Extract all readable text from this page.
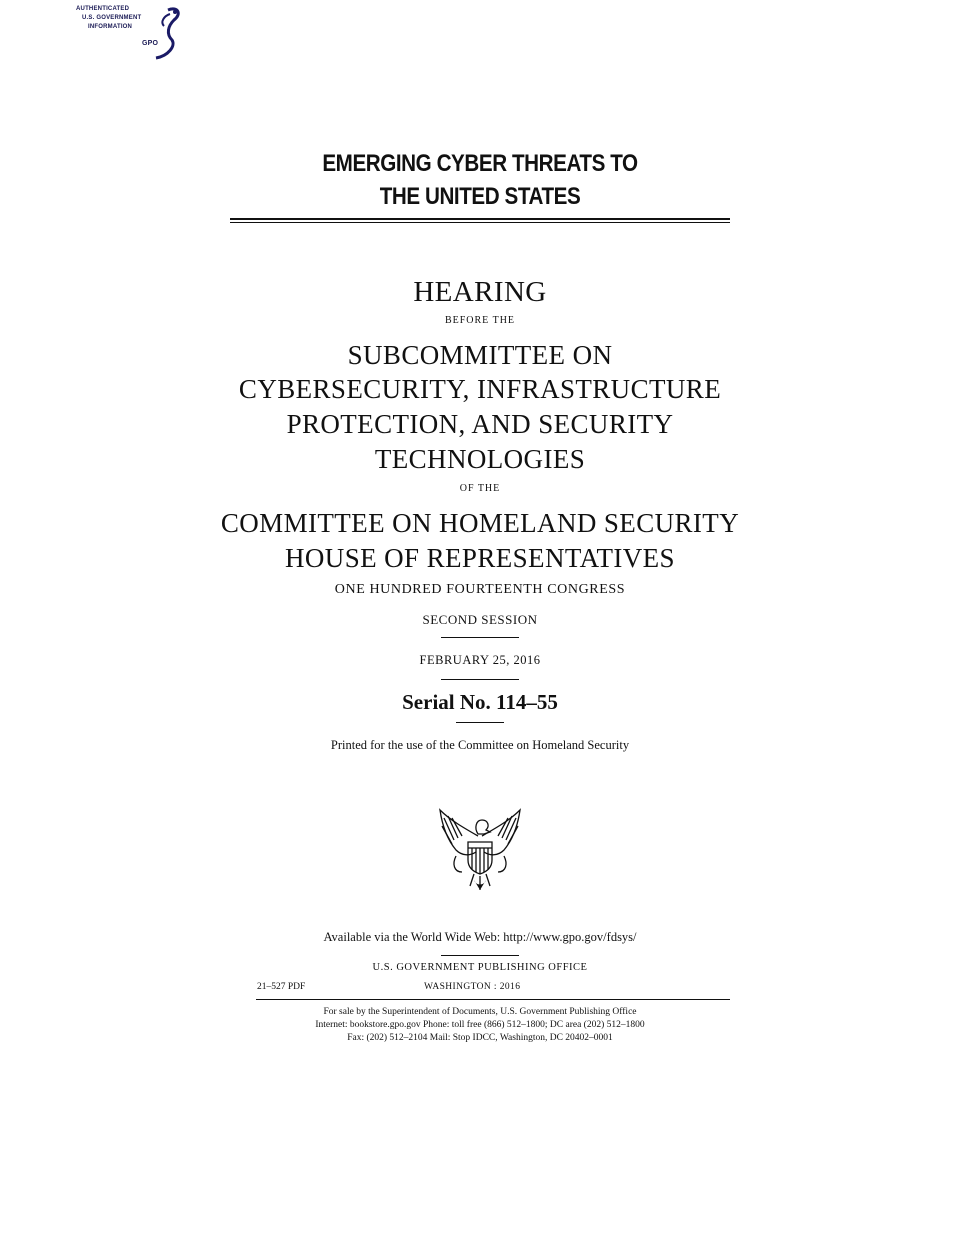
AUTHENTICATED
U.S. GOVERNMENT
INFORMATION
GPO
EMERGING CYBER THREATS TO
THE UNITED STATES
HEARING
BEFORE THE
SUBCOMMITTEE ON
CYBERSECURITY, INFRASTRUCTURE
PROTECTION, AND SECURITY
TECHNOLOGIES
OF THE
COMMITTEE ON HOMELAND SECURITY
HOUSE OF REPRESENTATIVES
ONE HUNDRED FOURTEENTH CONGRESS
SECOND SESSION
FEBRUARY 25, 2016
Serial No. 114–55
Printed for the use of the Committee on Homeland Security
Available via the World Wide Web: http://www.gpo.gov/fdsys/
U.S. GOVERNMENT PUBLISHING OFFICE
21–527 PDF	WASHINGTON : 2016
For sale by the Superintendent of Documents, U.S. Government Publishing Office
Internet: bookstore.gpo.gov Phone: toll free (866) 512–1800; DC area (202) 512–1800
Fax: (202) 512–2104 Mail: Stop IDCC, Washington, DC 20402–0001
